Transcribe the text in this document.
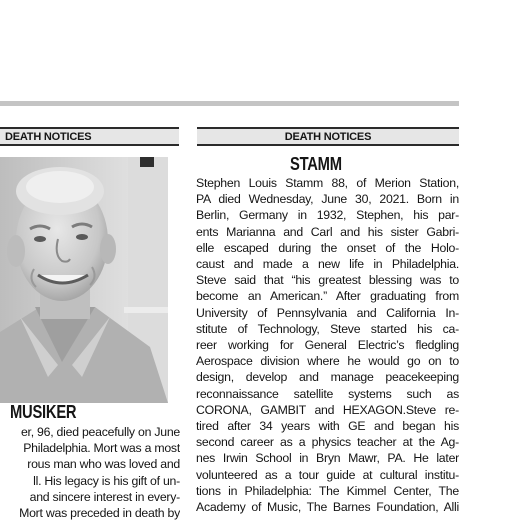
DEATH NOTICES
MUSIKER
er, 96, died peacefully on June
Philadelphia. Mort was a most
rous man who was loved and
ll. His legacy is his gift of un-
and sincere interest in every-
Mort was preceded in death by
DEATH NOTICES
STAMM
Stephen Louis Stamm 88, of Merion Station,
PA died Wednesday, June 30, 2021. Born in
Berlin, Germany in 1932, Stephen, his par-
ents Marianna and Carl and his sister Gabri-
elle escaped during the onset of the Holo-
caust and made a new life in Philadelphia.
Steve said that “his greatest blessing was to
become an American.” After graduating from
University of Pennsylvania and California In-
stitute of Technology, Steve started his ca-
reer working for General Electric’s fledgling
Aerospace division where he would go on to
design, develop and manage peacekeeping
reconnaissance satellite systems such as
CORONA, GAMBIT and HEXAGON.Steve re-
tired after 34 years with GE and began his
second career as a physics teacher at the Ag-
nes Irwin School in Bryn Mawr, PA. He later
volunteered as a tour guide at cultural institu-
tions in Philadelphia: The Kimmel Center, The
Academy of Music, The Barnes Foundation, Alli
